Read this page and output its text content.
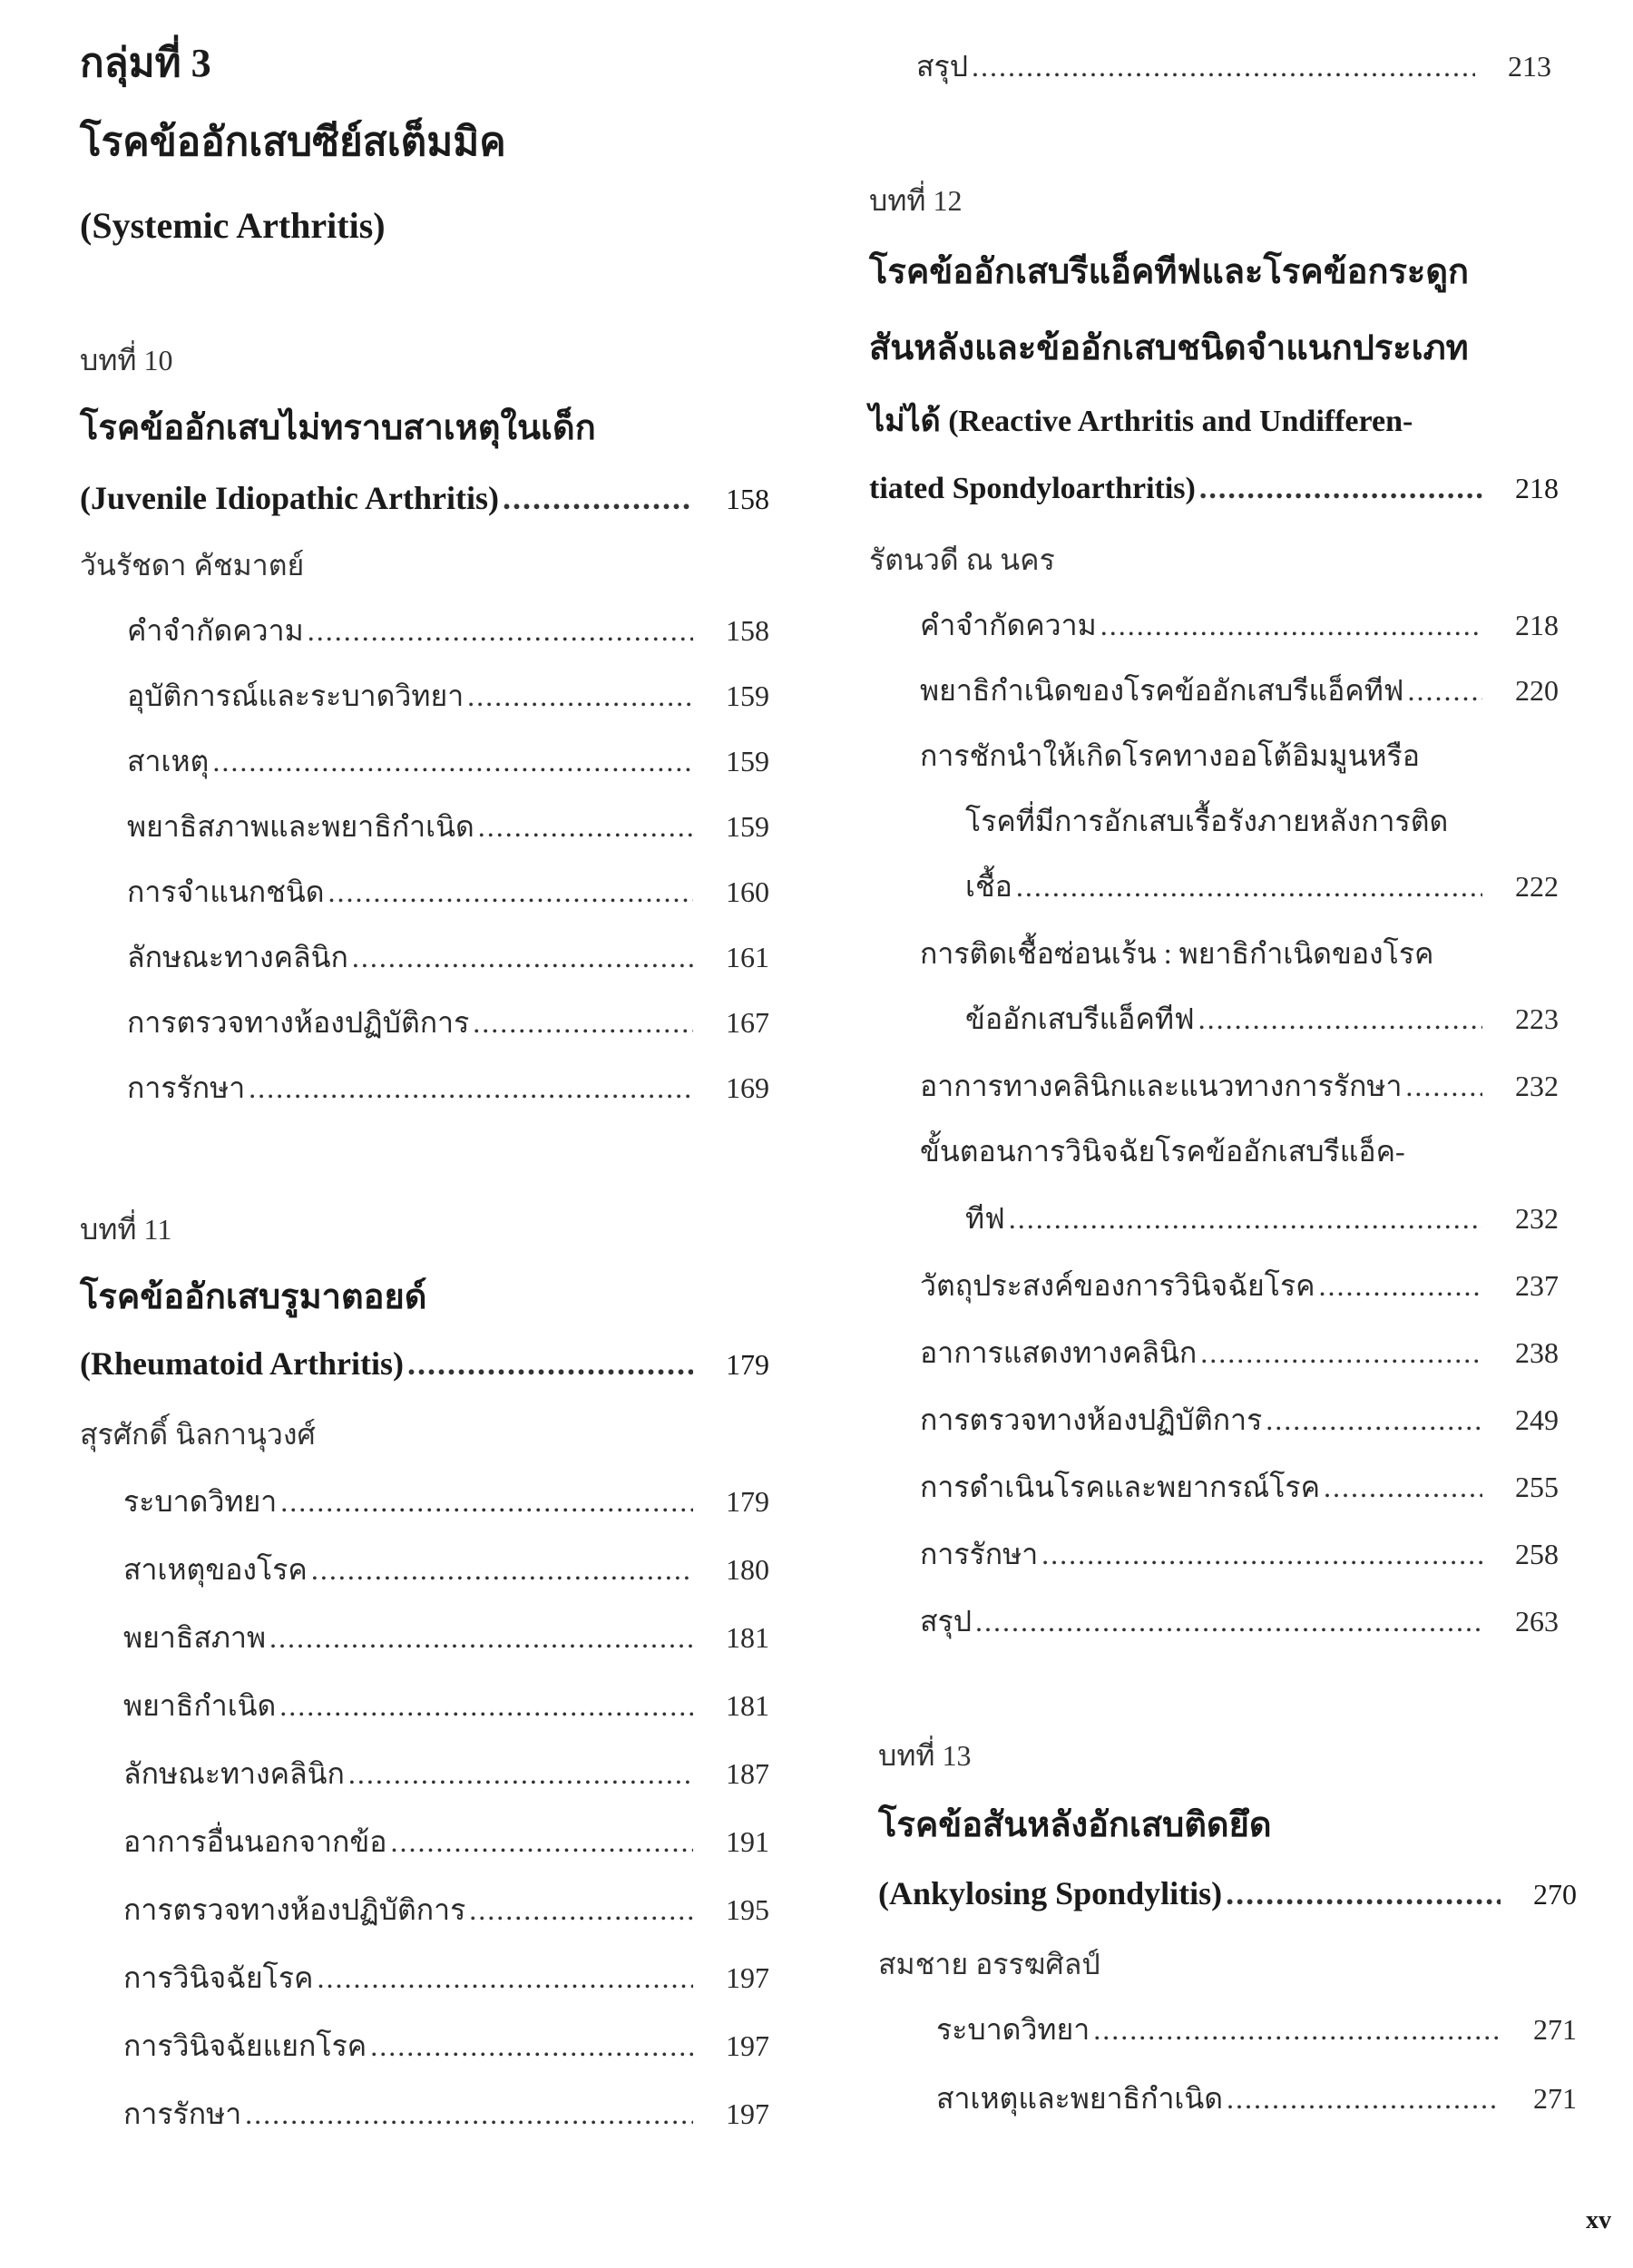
กลุ่มที่ 3
โรคข้ออักเสบซีย์สเต็มมิค
(Systemic Arthritis)
บทที่ 10
โรคข้ออักเสบไม่ทราบสาเหตุในเด็ก
(Juvenile Idiopathic Arthritis) .....	158
วันรัชดา คัชมาตย์
คำจำกัดความ .....	158
อุบัติการณ์และระบาดวิทยา .....	159
สาเหตุ .....	159
พยาธิสภาพและพยาธิกำเนิด .....	159
การจำแนกชนิด .....	160
ลักษณะทางคลินิก .....	161
การตรวจทางห้องปฏิบัติการ .....	167
การรักษา .....	169
บทที่ 11
โรคข้ออักเสบรูมาตอยด์
(Rheumatoid Arthritis) .....	179
สุรศักดิ์ นิลกานุวงศ์
ระบาดวิทยา .....	179
สาเหตุของโรค .....	180
พยาธิสภาพ .....	181
พยาธิกำเนิด .....	181
ลักษณะทางคลินิก .....	187
อาการอื่นนอกจากข้อ .....	191
การตรวจทางห้องปฏิบัติการ .....	195
การวินิจฉัยโรค .....	197
การวินิจฉัยแยกโรค .....	197
การรักษา .....	197
สรุป .....	213
บทที่ 12
โรคข้ออักเสบรีแอ็คทีฟและโรคข้อกระดูก
สันหลังและข้ออักเสบชนิดจำแนกประเภท
ไม่ได้ (Reactive Arthritis and Undifferen-
tiated Spondyloarthritis) .....	218
รัตนวดี ณ นคร
คำจำกัดความ .....	218
พยาธิกำเนิดของโรคข้ออักเสบรีแอ็คทีฟ .....	220
การชักนำให้เกิดโรคทางออโต้อิมมูนหรือ
โรคที่มีการอักเสบเรื้อรังภายหลังการติด
เชื้อ .....	222
การติดเชื้อซ่อนเร้น : พยาธิกำเนิดของโรค
ข้ออักเสบรีแอ็คทีฟ .....	223
อาการทางคลินิกและแนวทางการรักษา .....	232
ขั้นตอนการวินิจฉัยโรคข้ออักเสบรีแอ็ค-
ทีฟ .....	232
วัตถุประสงค์ของการวินิจฉัยโรค .....	237
อาการแสดงทางคลินิก .....	238
การตรวจทางห้องปฏิบัติการ .....	249
การดำเนินโรคและพยากรณ์โรค .....	255
การรักษา .....	258
สรุป .....	263
บทที่ 13
โรคข้อสันหลังอักเสบติดยึด
(Ankylosing Spondylitis) .....	270
สมชาย อรรฆศิลป์
ระบาดวิทยา .....	271
สาเหตุและพยาธิกำเนิด .....	271
xv
